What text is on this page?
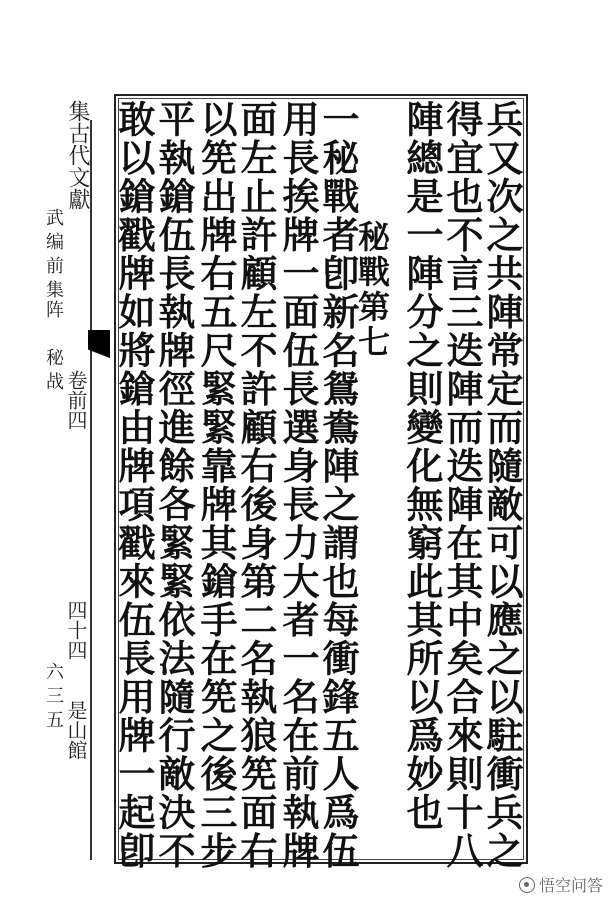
兵又次之共陣常定而隨敵可以應之以駐衝兵之
得宜也不言三迭陣而迭陣在其中矣合來則十八
陣總是一陣分之則變化無窮此其所以爲妙也
秘戰第七
一秘戰者卽新名鴛鴦陣之謂也每衝鋒五人爲伍
用長挨牌一面伍長選身長力大者一名在前執牌
面左止許顧左不許顧右後身第二名執狼筅面右
以筅出牌右五尺緊緊靠牌其鎗手在筅之後三步
平執鎗伍長執牌徑進餘各緊緊依法隨行敵決不
敢以鎗戳牌如將鎗由牌項戳來伍長用牌一起卽
集古代文獻
武编前集
阵
秘战 卷前四
四十四
是山館
六三五
悟空问答
